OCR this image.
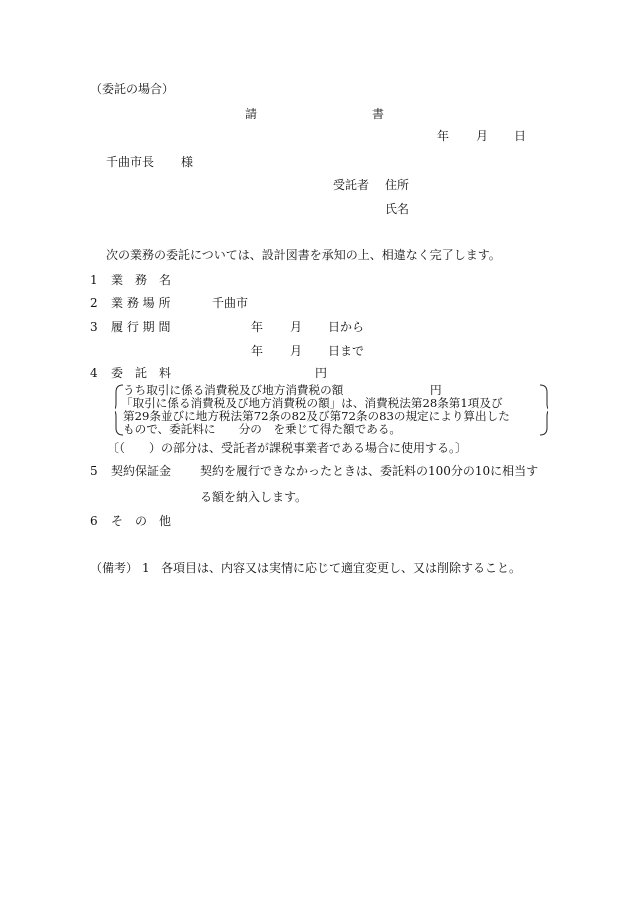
（委託の場合）
請	書
年 月 日
千曲市長 様
受託者 住所
氏名
次の業務の委託については、設計図書を承知の上、相違なく完了します。
1 業　務　名
2 業 務 場 所	千曲市
3 履 行 期 間	年 月 日から
年 月 日まで
4 委　託　料	円
うち取引に係る消費税及び地方消費税の額	円
「取引に係る消費税及び地方消費税の額」は、消費税法第28条第1項及び
第29条並びに地方税法第72条の82及び第72条の83の規定により算出した
もので、委託料に　　分の　を乗じて得た額である。
〔（　　）の部分は、受託者が課税事業者である場合に使用する。〕
5 契約保証金 契約を履行できなかったときは、委託料の100分の10に相当す
る額を納入します。
6 そ　の　他
（備考） 1 各項目は、内容又は実情に応じて適宜変更し、又は削除すること。
